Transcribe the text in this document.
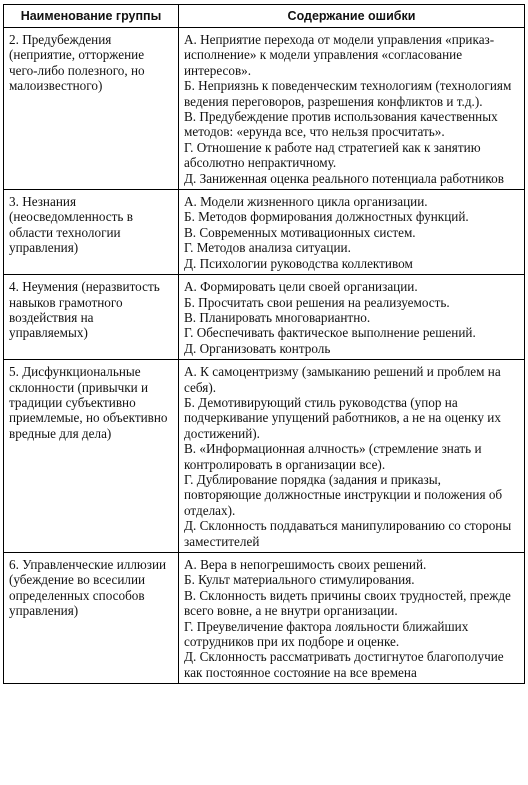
Наименование группы	Содержание ошибки
2. Предубеждения (неприятие, отторжение чего-либо полезного, но малоизвестного)	А. Неприятие перехода от модели управления «приказ-исполнение» к модели управления «согласование интересов».
Б. Неприязнь к поведенческим технологиям (технологиям ведения переговоров, разрешения конфликтов и т.д.).
В. Предубеждение против использования качественных методов: «ерунда все, что нельзя просчитать».
Г. Отношение к работе над стратегией как к занятию абсолютно непрактичному.
Д. Заниженная оценка реального потенциала работников

3. Незнания (неосведомленность в области технологии управления)	А. Модели жизненного цикла организации.
Б. Методов формирования должностных функций.
В. Современных мотивационных систем.
Г. Методов анализа ситуации.
Д. Психологии руководства коллективом

4. Неумения (неразвитость навыков грамотного воздействия на управляемых)	А. Формировать цели своей организации.
Б. Просчитать свои решения на реализуемость.
В. Планировать многовариантно.
Г. Обеспечивать фактическое выполнение решений.
Д. Организовать контроль

5. Дисфункциональные склонности (привычки и традиции субъективно приемлемые, но объективно вредные для дела)	А. К самоцентризму (замыканию решений и проблем на себя).
Б. Демотивирующий стиль руководства (упор на подчеркивание упущений работников, а не на оценку их достижений).
В. «Информационная алчность» (стремление знать и контролировать в организации все).
Г. Дублирование порядка (задания и приказы, повторяющие должностные инструкции и положения об отделах).
Д. Склонность поддаваться манипулированию со стороны заместителей

6. Управленческие иллюзии (убеждение во всесилии определенных способов управления)	А. Вера в непогрешимость своих решений.
Б. Культ материального стимулирования.
В. Склонность видеть причины своих трудностей, прежде всего вовне, а не внутри организации.
Г. Преувеличение фактора лояльности ближайших сотрудников при их подборе и оценке.
Д. Склонность рассматривать достигнутое благополучие как постоянное состояние на все времена
